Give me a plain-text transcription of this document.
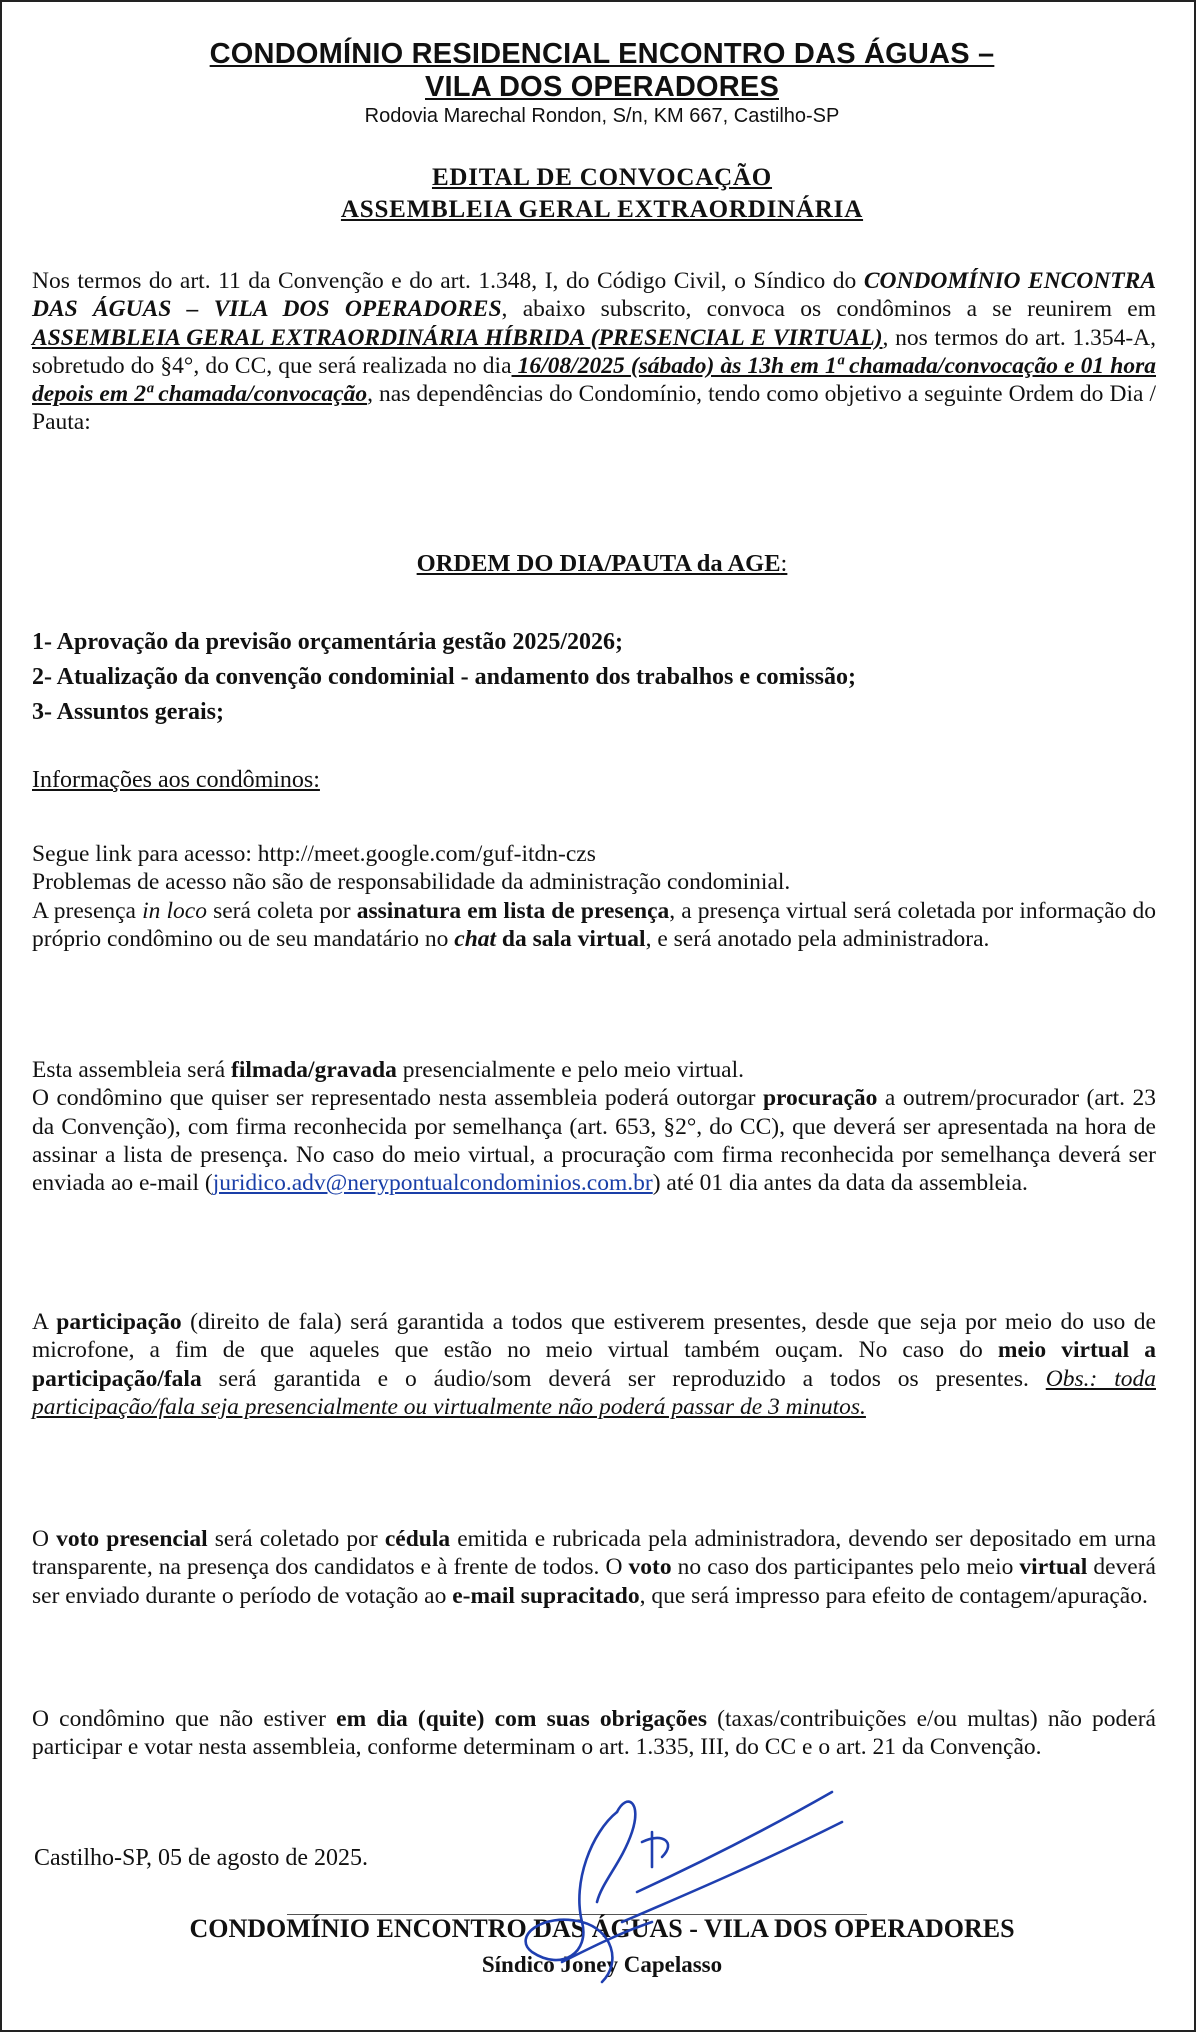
CONDOMÍNIO RESIDENCIAL ENCONTRO DAS ÁGUAS –
VILA DOS OPERADORES
Rodovia Marechal Rondon, S/n, KM 667, Castilho-SP
EDITAL DE CONVOCAÇÃO
ASSEMBLEIA GERAL EXTRAORDINÁRIA
Nos termos do art. 11 da Convenção e do art. 1.348, I, do Código Civil, o Síndico do CONDOMÍNIO ENCONTRA DAS ÁGUAS – VILA DOS OPERADORES, abaixo subscrito, convoca os condôminos a se reunirem em ASSEMBLEIA GERAL EXTRAORDINÁRIA HÍBRIDA (PRESENCIAL E VIRTUAL), nos termos do art. 1.354-A, sobretudo do §4°, do CC, que será realizada no dia 16/08/2025 (sábado) às 13h em 1ª chamada/convocação e 01 hora depois em 2ª chamada/convocação, nas dependências do Condomínio, tendo como objetivo a seguinte Ordem do Dia / Pauta:
ORDEM DO DIA/PAUTA da AGE:
1- Aprovação da previsão orçamentária gestão 2025/2026;
2- Atualização da convenção condominial - andamento dos trabalhos e comissão;
3- Assuntos gerais;
Informações aos condôminos:
Segue link para acesso: http://meet.google.com/guf-itdn-czs
Problemas de acesso não são de responsabilidade da administração condominial.
A presença in loco será coleta por assinatura em lista de presença, a presença virtual será coletada por informação do próprio condômino ou de seu mandatário no chat da sala virtual, e será anotado pela administradora.
Esta assembleia será filmada/gravada presencialmente e pelo meio virtual.
O condômino que quiser ser representado nesta assembleia poderá outorgar procuração a outrem/procurador (art. 23 da Convenção), com firma reconhecida por semelhança (art. 653, §2°, do CC), que deverá ser apresentada na hora de assinar a lista de presença. No caso do meio virtual, a procuração com firma reconhecida por semelhança deverá ser enviada ao e-mail (juridico.adv@nerypontualcondominios.com.br) até 01 dia antes da data da assembleia.
A participação (direito de fala) será garantida a todos que estiverem presentes, desde que seja por meio do uso de microfone, a fim de que aqueles que estão no meio virtual também ouçam. No caso do meio virtual a participação/fala será garantida e o áudio/som deverá ser reproduzido a todos os presentes. Obs.: toda participação/fala seja presencialmente ou virtualmente não poderá passar de 3 minutos.
O voto presencial será coletado por cédula emitida e rubricada pela administradora, devendo ser depositado em urna transparente, na presença dos candidatos e à frente de todos. O voto no caso dos participantes pelo meio virtual deverá ser enviado durante o período de votação ao e-mail supracitado, que será impresso para efeito de contagem/apuração.
O condômino que não estiver em dia (quite) com suas obrigações (taxas/contribuições e/ou multas) não poderá participar e votar nesta assembleia, conforme determinam o art. 1.335, III, do CC e o art. 21 da Convenção.
Castilho-SP, 05 de agosto de 2025.
CONDOMÍNIO ENCONTRO DAS ÁGUAS - VILA DOS OPERADORES
Síndico Joney Capelasso
